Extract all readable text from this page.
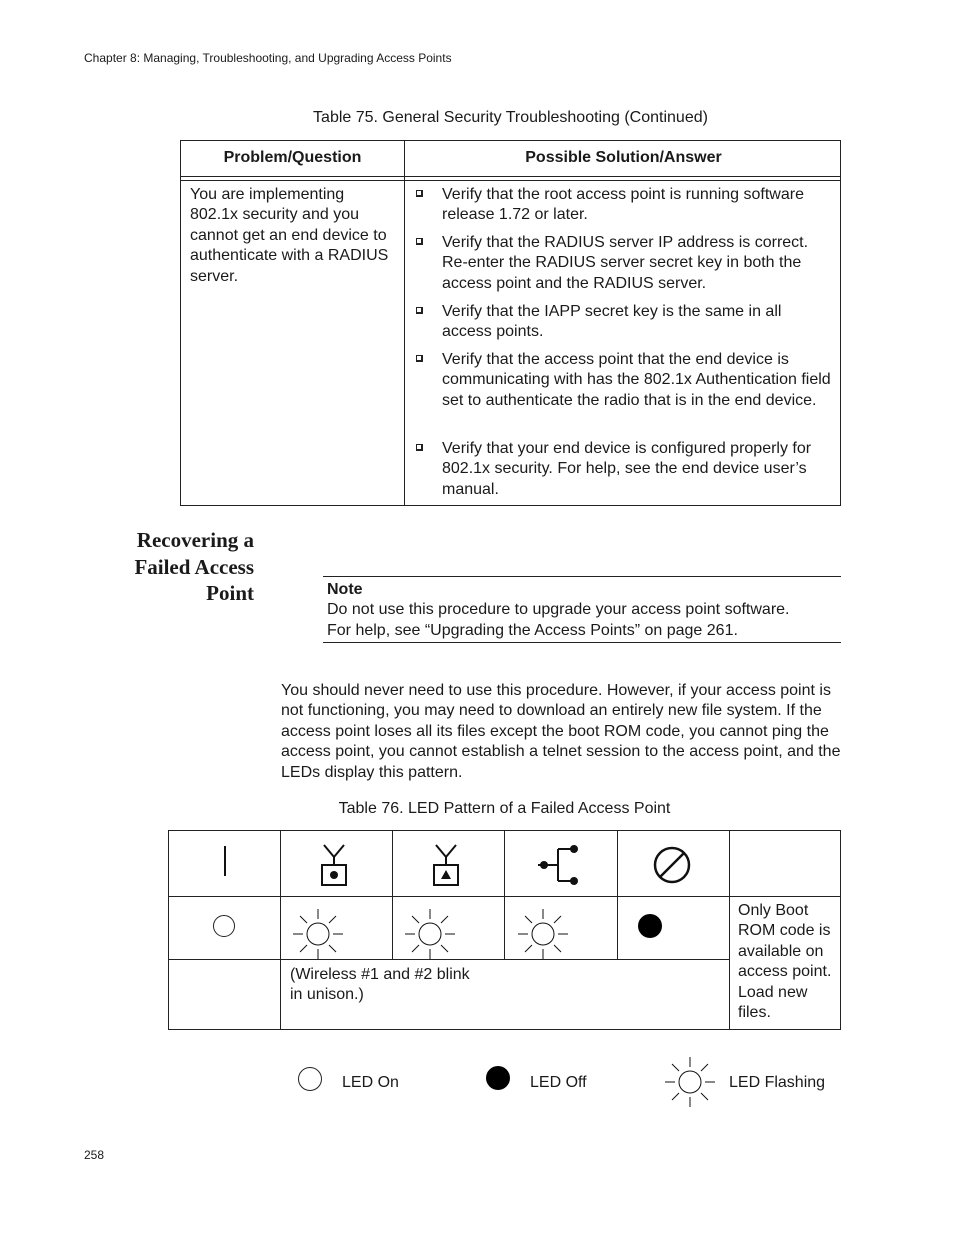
Chapter 8: Managing, Troubleshooting, and Upgrading Access Points
Table 75. General Security Troubleshooting (Continued)
Problem/Question	Possible Solution/Answer
You are implementing 802.1x security and you cannot get an end device to authenticate with a RADIUS server.
Verify that the root access point is running software release 1.72 or later.
Verify that the RADIUS server IP address is correct. Re-enter the RADIUS server secret key in both the access point and the RADIUS server.
Verify that the IAPP secret key is the same in all access points.
Verify that the access point that the end device is communicating with has the 802.1x Authentication field set to authenticate the radio that is in the end device.
Verify that your end device is configured properly for 802.1x security. For help, see the end device user’s manual.
Recovering a
Failed Access
Point	Note
Do not use this procedure to upgrade your access point software.
For help, see “Upgrading the Access Points” on page 261.
You should never need to use this procedure. However, if your access point is not functioning, you may need to download an entirely new file system. If the access point loses all its files except the boot ROM code, you cannot ping the access point, you cannot establish a telnet session to the access point, and the LEDs display this pattern.
Table 76. LED Pattern of a Failed Access Point
(Wireless #1 and #2 blink
in unison.)
Only Boot ROM code is available on access point. Load new files.
LED On	LED Off	LED Flashing
258
